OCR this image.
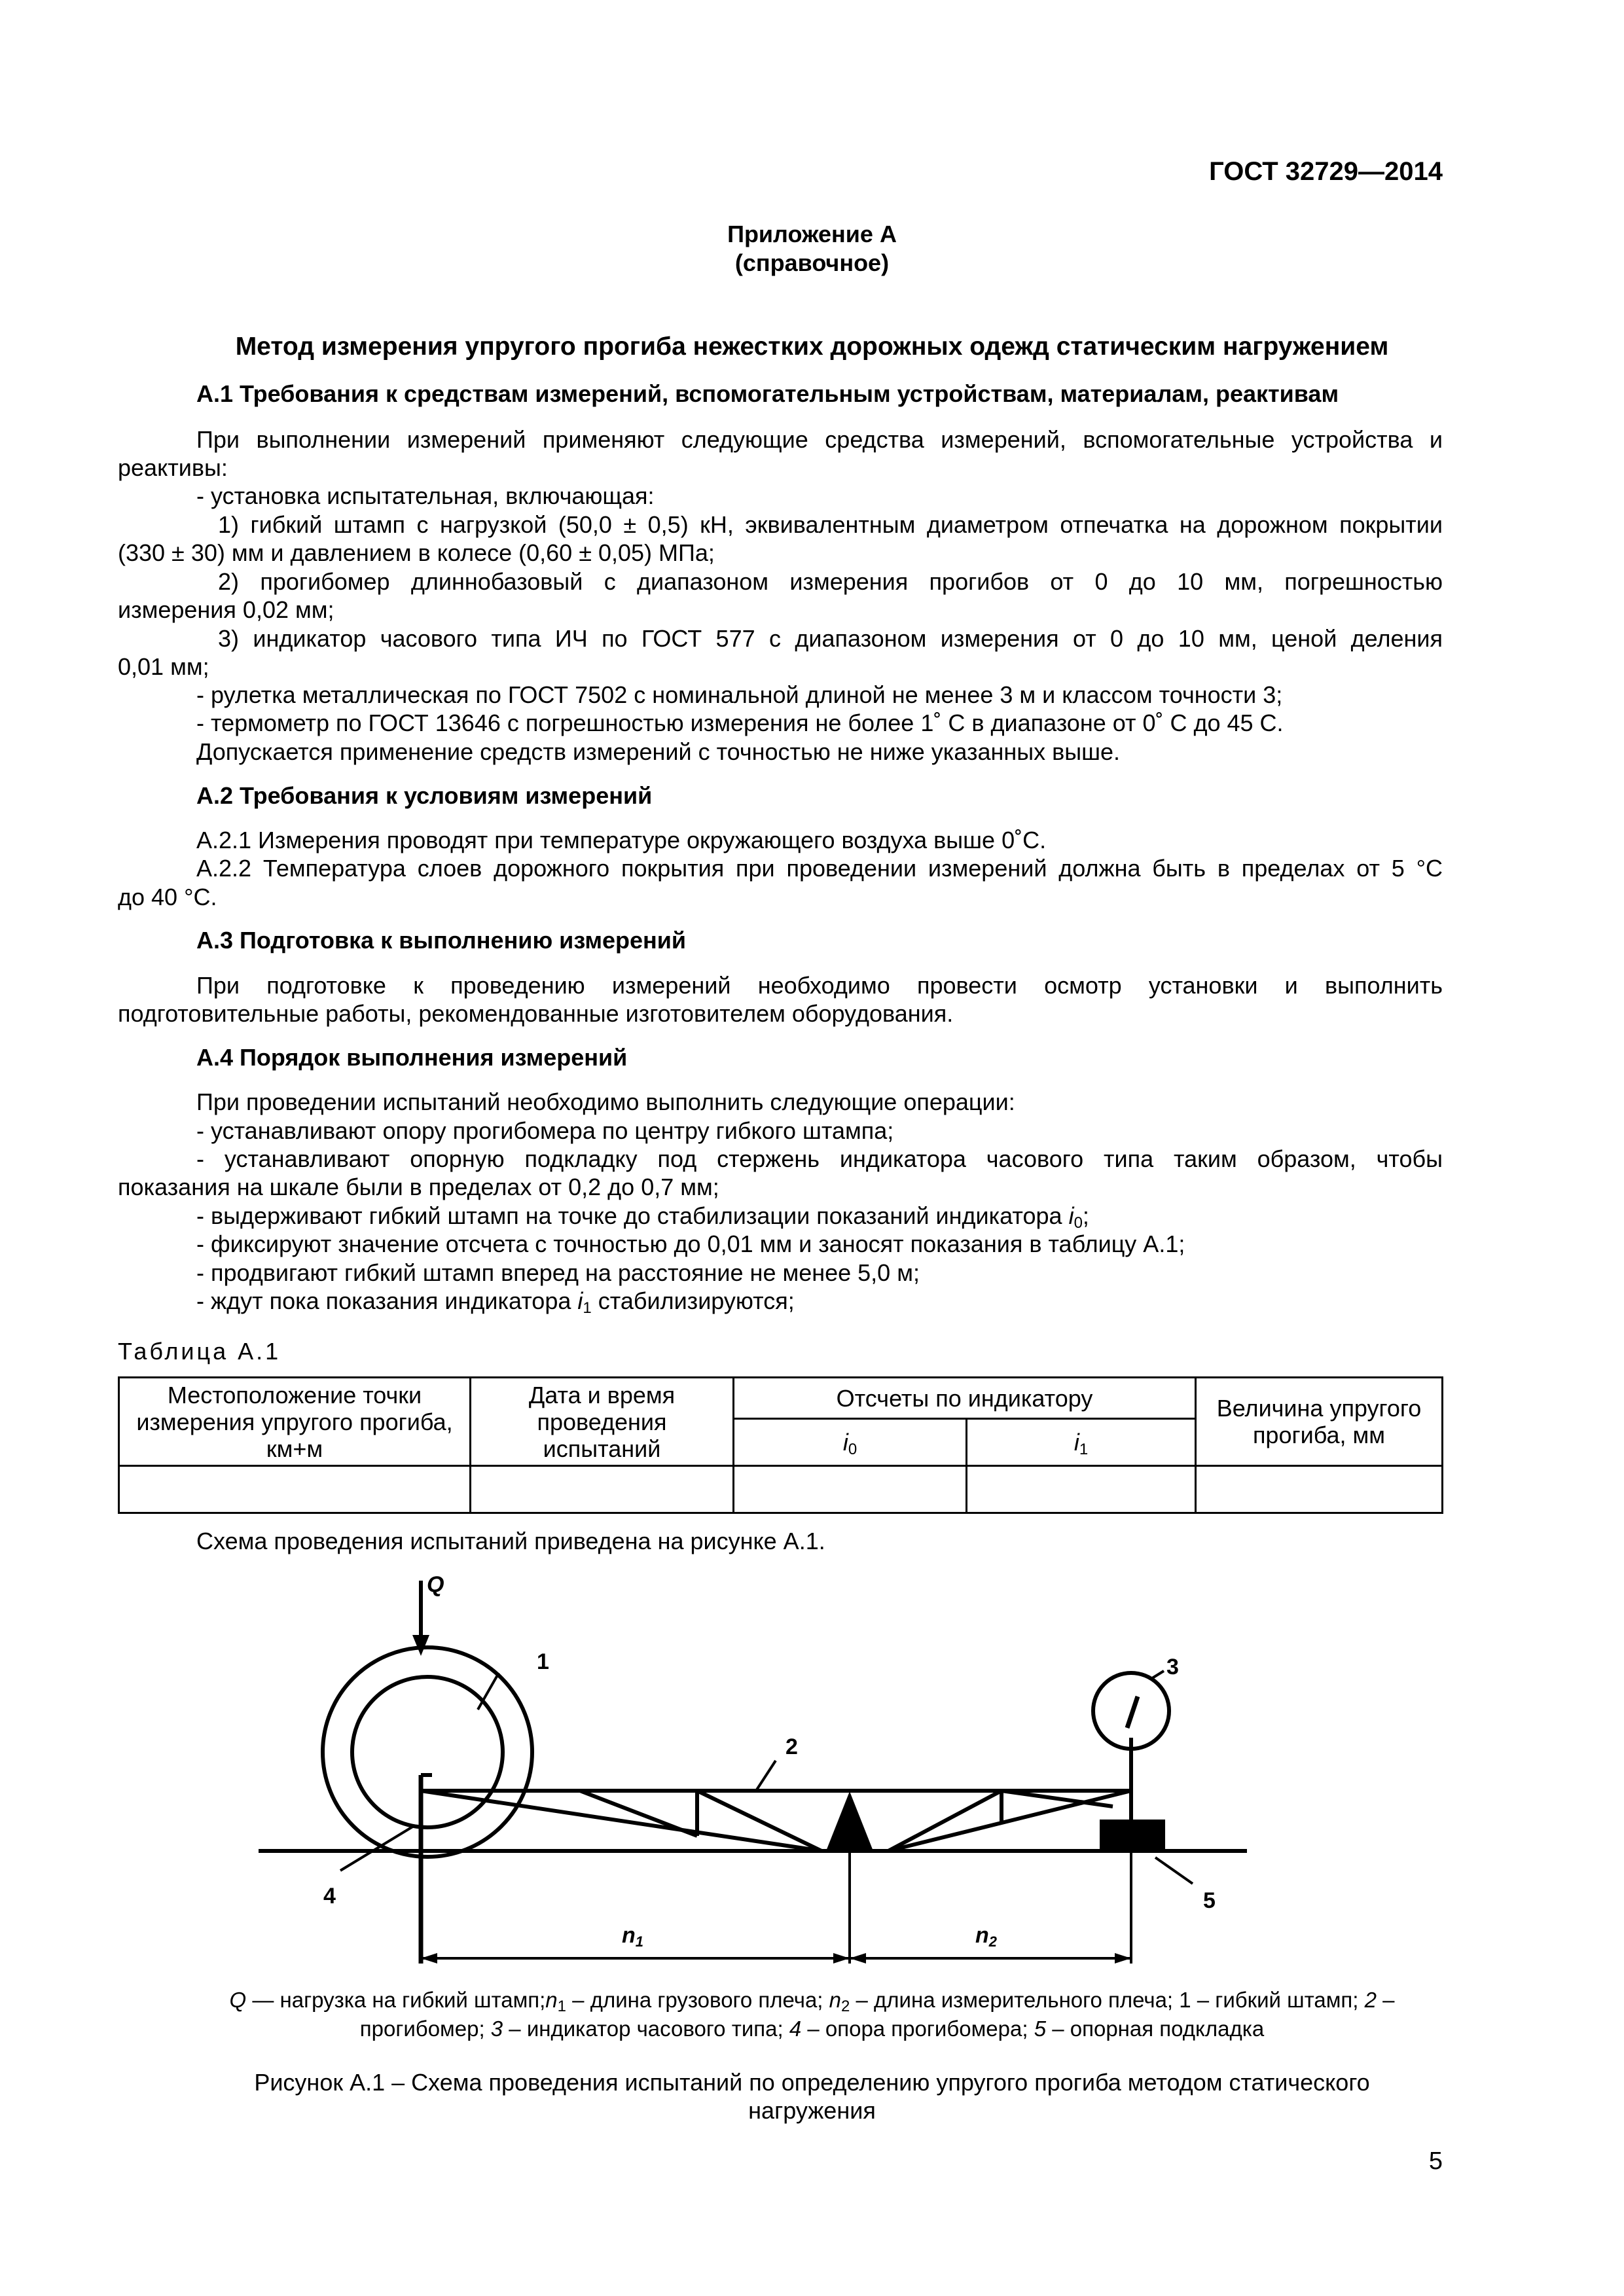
ГОСТ 32729—2014
Приложение А
(справочное)
Метод измерения упругого прогиба нежестких дорожных одежд статическим нагружением
А.1 Требования к средствам измерений, вспомогательным устройствам, материалам, реактивам
При выполнении измерений применяют следующие средства измерений, вспомогательные устройства и
реактивы:
- установка испытательная, включающая:
1) гибкий штамп с нагрузкой (50,0 ± 0,5) кН, эквивалентным диаметром отпечатка на дорожном покрытии
(330 ± 30) мм и давлением в колесе (0,60 ± 0,05) МПа;
2) прогибомер длиннобазовый с диапазоном измерения прогибов от 0 до 10 мм, погрешностью
измерения 0,02 мм;
3) индикатор часового типа ИЧ по ГОСТ 577 с диапазоном измерения от 0 до 10 мм, ценой деления
0,01 мм;
- рулетка металлическая по ГОСТ 7502 с номинальной длиной не менее 3 м и классом точности 3;
- термометр по ГОСТ 13646 с погрешностью измерения не более 1˚ С в диапазоне от 0˚ С до 45 С.
Допускается применение средств измерений с точностью не ниже указанных выше.
А.2 Требования к условиям измерений
А.2.1 Измерения проводят при температуре окружающего воздуха выше 0˚С.
А.2.2 Температура слоев дорожного покрытия при проведении измерений должна быть в пределах от 5 °С
до 40 °С.
А.3 Подготовка к выполнению измерений
При подготовке к проведению измерений необходимо провести осмотр установки и выполнить
подготовительные работы, рекомендованные изготовителем оборудования.
А.4 Порядок выполнения измерений
При проведении испытаний необходимо выполнить следующие операции:
- устанавливают опору прогибомера по центру гибкого штампа;
- устанавливают опорную подкладку под стержень индикатора часового типа таким образом, чтобы
показания на шкале были в пределах от 0,2 до 0,7 мм;
- выдерживают гибкий штамп на точке до стабилизации показаний индикатора $i_0$;
- фиксируют значение отсчета с точностью до 0,01 мм и заносят показания в таблицу А.1;
- продвигают гибкий штамп вперед на расстояние не менее 5,0 м;
- ждут пока показания индикатора $i_1$ стабилизируются;
Таблица А.1
Местоположение точки измерения упругого прогиба, км+м	Дата и время проведения испытаний	Отсчеты по индикатору		Величина упругого прогиба, мм
		$i_0$	$i_1$

Схема проведения испытаний приведена на рисунке А.1.
Q
1
2
3
4	5
n1	n2
Q — нагрузка на гибкий $штамп;n_1$ – длина грузового плеча; $n_2$ – длина измерительного плеча; 1 – гибкий штамп; 2 –
прогибомер; 3 – индикатор часового типа; 4 – опора прогибомера; 5 – опорная подкладка
Рисунок А.1 – Схема проведения испытаний по определению упругого прогиба методом статического
нагружения
5
